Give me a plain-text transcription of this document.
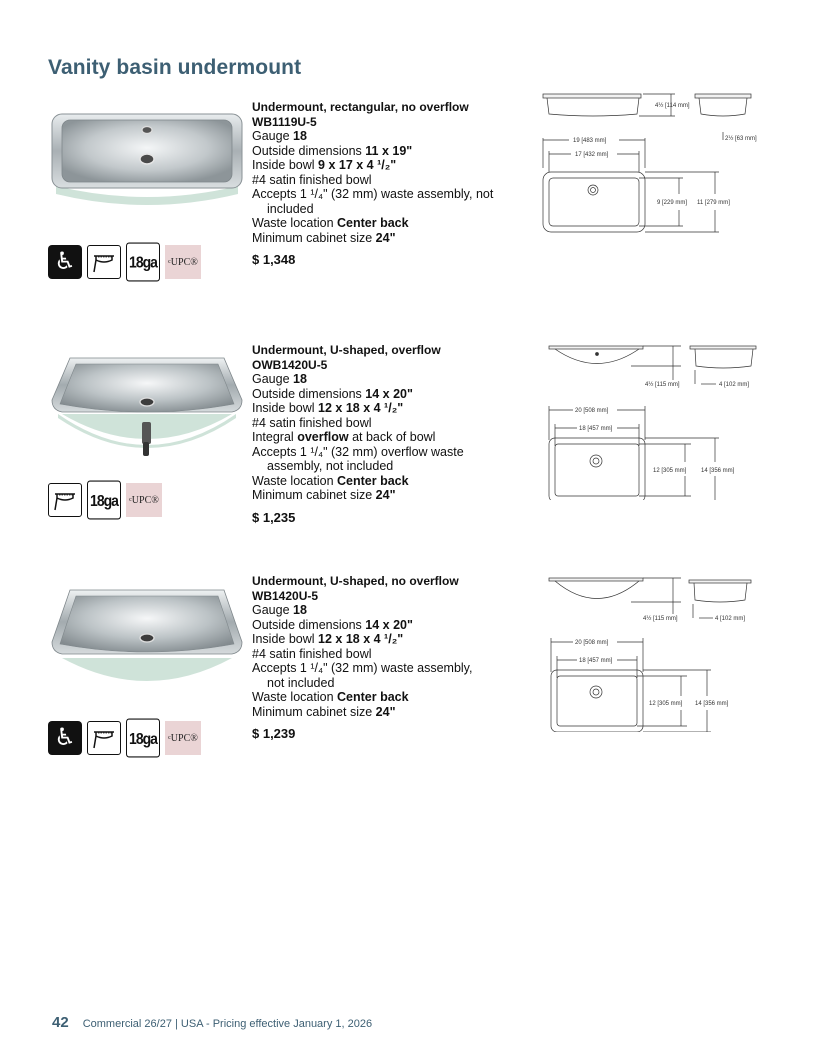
Vanity basin undermount
♿	18ga	c UPC®
Undermount, rectangular, no overflow
WB1119U-5
Gauge 18
Outside dimensions 11 x 19"
Inside bowl 9 x 17 x 4 ¹/₂"
#4 satin finished bowl
Accepts 1 ¹/₄" (32 mm) waste assembly, not
included
Waste location Center back
Minimum cabinet size 24"
$ 1,348
4½ [114 mm]
2½ [63 mm]
19 [483 mm]
17 [432 mm]
9 [229 mm] 11 [279 mm]
18ga	c UPC®
Undermount, U-shaped, overflow
OWB1420U-5
Gauge 18
Outside dimensions 14 x 20"
Inside bowl 12 x 18 x 4 ¹/₂"
#4 satin finished bowl
Integral overflow at back of bowl
Accepts 1 ¹/₄" (32 mm) overflow waste
assembly, not included
Waste location Center back
Minimum cabinet size 24"
$ 1,235
4½ [115 mm]	4 [102 mm]
20 [508 mm]
18 [457 mm]
12 [305 mm] 14 [356 mm]
♿	18ga	c UPC®
Undermount, U-shaped, no overflow
WB1420U-5
Gauge 18
Outside dimensions 14 x 20"
Inside bowl 12 x 18 x 4 ¹/₂"
#4 satin finished bowl
Accepts 1 ¹/₄" (32 mm) waste assembly,
not included
Waste location Center back
Minimum cabinet size 24"
$ 1,239
4½ [115 mm]	4 [102 mm]
20 [508 mm]
18 [457 mm]
12 [305 mm] 14 [356 mm]
42 Commercial 26/27 | USA - Pricing effective January 1, 2026
